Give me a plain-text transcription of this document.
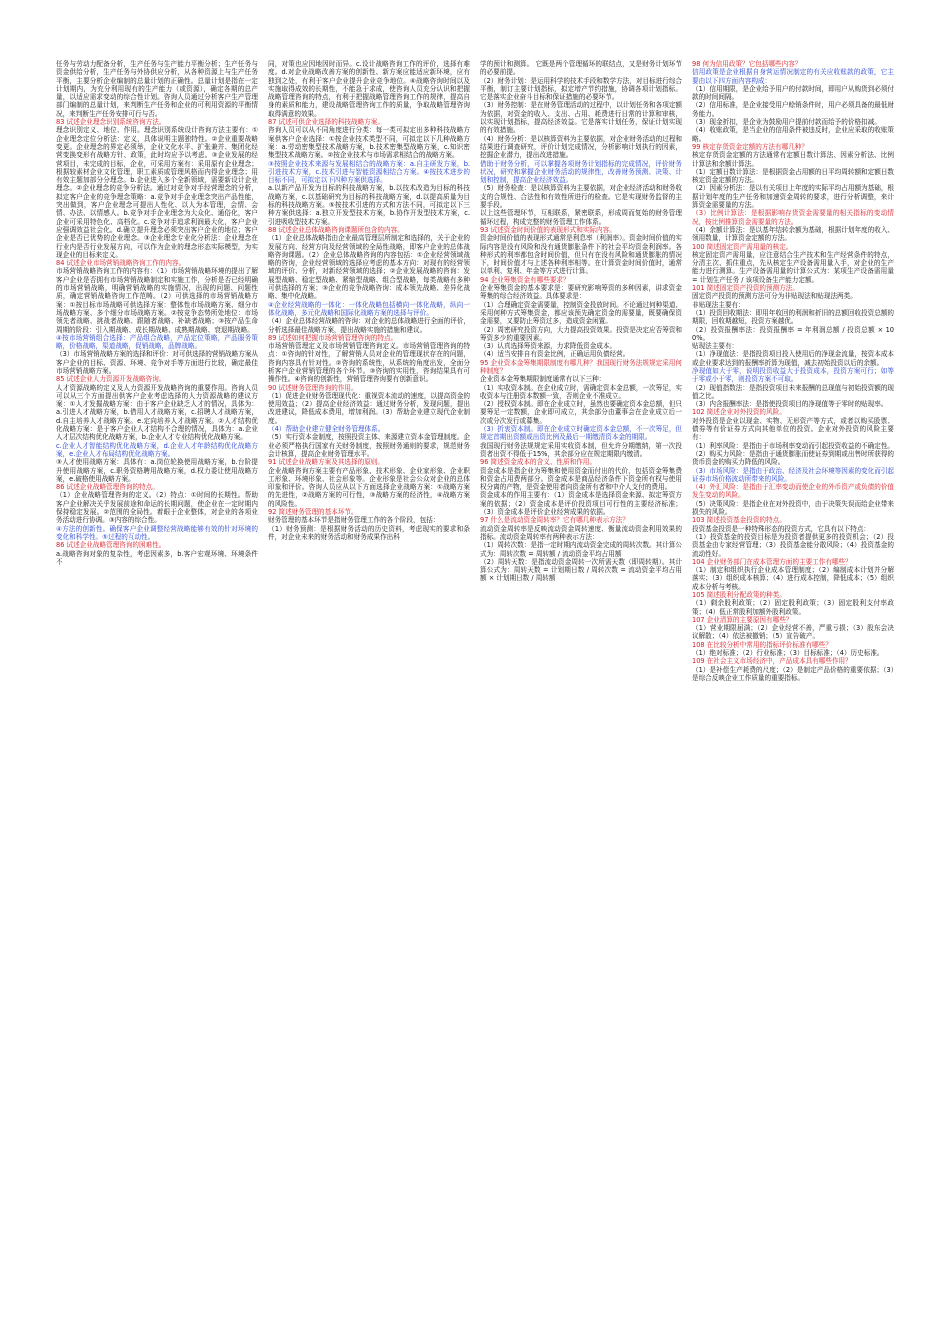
任务与劳动力配备分析，生产任务与生产能力平衡分析；生产任务与资金供给分析，生产任务与外协供应分析，从各种资源上与生产任务平衡，主要分析企业编制的总量计划的正确性。总量计划是指在一定计划期内，为充分利用现有的生产能力（或资源），确定各期的总产量，以适应需求变动的综合性计划。咨询人员通过分析客户生产管理部门编制的总量计划，来判断生产任务和企业的可利用资源的平衡情况，来判断生产任务安排可行与否。

83 试述企业理念识别系统咨询方法。

理念识别定义、地位、作用。理念识别系统设计咨询方法主要有：①企业理念定位分析法：定义，具体说明主题独特性。②企业重要战略变更。企业理念的界定必须举，企业文化水平、扩张兼并、集团化经营变换变形有战略方针、政策，此时均应予以考虑。③企业发展的经营项目，未完成的目标，企业，可采用方案有：采用原有企业理念；根据较素材企业文化管理，职工素质或管理风格而内得企业理念；用有效主题加部分分理念。b.企业进入多个全新领域，需要新设计企业理念。②企业理念的竞争分析法。通过对竞争对手经营理念的分析，拟定客户企业的竞争理念策略：a.竞争对手企业理念突出产品性能，突出做到，客户企业理念可提出人性化、以人为本管理，会情、会情、办法、以情感人。b.竞争对手企业理念为大众化、通俗化，客户企业可采用特色化、高档化。c.竞争对手追求利润最大化，客户企业应强调效益社会化。d.确立提升理念必须突出客户企业的地位；客户企业是否已优势的企业理念。③企业理念专业化分析法：企业理念在行业内是否行业发展方向，可以作为企业的理念形态实际模型，为实现企业的目标来定义。

84 试述企业市场营销战略咨询工作的内容。

市场营销战略咨询工作的内容有：（1）市场营销战略环境的提出了解客户企业是否拥有市场营销战略制定和实施工作，分析是否已经明确的市场营销战略，明确营销战略的实施情况，出现的问题、问题性质，确定营销战略咨询工作范畴。（2）可供选择的市场营销战略方案：①按目标市场战略可供选择方案：整体性市场战略方案、细分市场战略方案、多个细分市场战略方案。②按竞争态势所处地位：市场领先者战略、挑战者战略、跟随者战略、补缺者战略；③按产品生命周期的阶段：引入期战略、成长期战略、成熟期战略、衰退期战略。

④按市场营销组合选择：产品组合战略，产品定位策略，产品服务策略，价格战略，渠道战略，促销战略，品牌战略。

（3）市场营销战略方案的选择和评价：对可供选择的营销战略方案从客户企业的目标、资源、环境、竞争对手等方面进行比较，确定最佳市场营销战略方案。

85 试述企业人力资源开发战略咨询。

人才资源战略的定义及人力资源开发战略咨询的重要作用。咨询人员可以从三个方面提出供客户企业考虑选择的人力资源战略的建议方案：①人才发掘战略方案：由于客户企业缺乏人才的情况，具体为：a.引进人才战略方案，b.借用人才战略方案，c.招聘人才战略方案，d.自主培养人才战略方案。e.定向培养人才战略方案。②人才结构优化战略方案：是于客户企业人才结构不合理的情况，具体为：a.企业人才层次结构优化战略方案，b.企业人才专业结构优化战略方案。

c.企业人才智能结构优化战略方案，d.企业人才年龄结构优化战略方案，e.企业人才布局结构优化战略方案。

③人才使用战略方案：具体有：a.岗位轮换使用战略方案，b.台阶提升使用战略方案，c.职务资格聘用战略方案，d.权力委让使用战略方案，e.破格使用战略方案。

86 试述企业战略管理咨询的特点。

（1）企业战略管理咨询的定义。（2）特点：①时间的长期性。帮助客户企业解决关乎发展前途和命运的长期问题，使企业在一定时期内保持稳定发展。②范围的全局性。着眼于企业整体，对企业的各项业务活动进行协调。③内容的综合性。

④方法的创新性。确保客户企业调整经营战略能够有效的针对环境的变化和科学性。⑤过程的互动性。

86 试述企业战略管理咨询的困难性。

a.战略咨询对象的复杂性，考虑因素多，b.客户宏观环境、环境条件不

同，对策也应因地因时而异。c.设计战略咨询工作的评价，选择有难度。d.对企业战略改善方案的创新性、新方案应能适应新环境，应有独到之处，有利于客户企业提升企业竞争地位。⑥战略咨询时间以及实施取得成效的长期性，不能急于求成，使咨询人员充分认识和把握战略管理咨询的特点，有利于把握战略管理咨询工作的规律，提高自身的素质和能力，建设战略管理咨询工作的质量，争取战略管理咨询取得满意的效果。

87 试述可供企业选择的科技战略方案。

咨询人员可以从不同角度进行分类：每一类可拟定出多种科技战略方案供客户企业选择：①按企业技术类型不同，可拟定以下几种战略方案：a.劳动密集型技术战略方案，b.技术密集型战略方案，c.知识密集型技术战略方案。②按企业技术与市场需求相结合的战略方案。

③按照企业技术来源与发展相结合的战略方案：a.自主研发方案，b.引进技术方案，c.技术引进与智能资源相结合方案。④按技术进步的目标不同，可拟定以下四种方案供选择。

a.以新产品开发为目标的科技战略方案，b.以技术改造为目标的科技战略方案，c.以基础研究为目标的科技战略方案，d.以提高质量为目标的科技战略方案。⑤按技术引进的方式和方法不同，可拟定以下三种方案供选择：a.独立开发型技术方案，b.协作开发型技术方案，c.引进吸收型技术方案。

88 试述企业总体战略咨询课题所包含的内容。

（1）企业总体战略指由企业最高管理层所制定和选择的，关于企业的发展方向、经营方向及经营领域的全局性战略，即客户企业的总体战略咨询课题。（2）企业总体战略咨询的内容包括：①企业经营领域战略的咨询，企业经营领域的选择应考虑的基本方向：对现有的经营领域的评价、分析，对新经营领域的选择；②企业发展战略的咨询：发展型战略、稳定型战略、紧缩型战略、组合型战略，每类战略有多种可供选择的方案；③企业的竞争战略咨询：成本领先战略、差异化战略、集中化战略。

④企业经营战略的一体化：一体化战略包括横向一体化战略，纵向一体化战略，多元化战略和国际化战略方案的选择与评价。

（4）企业总体经营战略的咨询：对企业的总体战略进行全面的评价，分析选择最佳战略方案，提出战略实施的措施和建议。

89 试述如何把握市场营销管理咨询的特点。

市场营销管理定义及市场营销管理咨询定义。市场营销管理咨询的特点：①咨询的针对性，了解营销人员对企业的管理现状存在的问题，咨询内容具有针对性。②咨询的系统性，从系统的角度出发，全面分析客户企业营销管理的各个环节。③咨询的实用性，咨询结果具有可操作性。④咨询的创新性，营销管理咨询要有创新意识。

90 试述财务管理咨询的作用。

（1）促进企业财务管理现代化：重视资本流动的速度，以提高资金的使用效益；（2）提高企业经济效益：通过财务分析，发现问题，提出改进建议，降低成本费用，增加利润。（3）帮助企业建立现代企业制度。

（4）帮助企业建立健全财务管理体系。

（5）实行资本金制度，按照投资主体、来源建立资本金管理制度。企业必须严格执行国家有关财务制度，按照财务通则的要求，规范财务会计核算，提高企业财务管理水平。

91 试述企业战略方案及其选择的原则。

企业战略咨询方案主要有产品形象、技术形象、企业家形象、企业职工形象、环境形象、社会形象等。企业形象是社会公众对企业的总体印象和评价。咨询人员应从以下方面选择企业战略方案：①战略方案的先进性，②战略方案的可行性，③战略方案的经济性，④战略方案的风险性。

92 简述财务管理的基本环节。

财务管理的基本环节是指财务管理工作的各个阶段，包括：

（1）财务预测：是根据财务活动的历史资料，考虑现实的要求和条件，对企业未来的财务活动和财务成果作出科

学的预计和测算。 它既是两个管理循环的联结点，又是财务计划环节的必要前提。

（2）财务计划：是运用科学的技术手段和数学方法，对目标进行综合平衡，制订主要计划指标，拟定增产节约措施，协调各项计划指标。它是落实企业奋斗目标和保证措施的必要环节。

（3）财务控制：是在财务管理活动的过程中，以计划任务和各项定额为依据，对资金的收入、支出、占用、耗费进行日常的计算和审核，以实现计划指标，提高经济效益。它是落实计划任务，保证计划实现的有效措施。

（4）财务分析：是以核算资料为主要依据，对企业财务活动的过程和结果进行调查研究，评价计划完成情况，分析影响计划执行的因素，挖掘企业潜力，提出改进措施。

借助于财务分析，可以掌握各项财务计划指标的完成情况，评价财务状况，研究和掌握企业财务活动的规律性，改善财务预测、决策、计划和控制，提高企业经济效益。

（5）财务检查：是以核算资料为主要依据，对企业经济活动和财务收支的合规性、合法性和有效性所进行的检查。它是实现财务监督的主要手段。

以上这些管理环节，互相联系，紧密联系，形成周而复始的财务管理循环过程，构成完整的财务管理工作体系。

93 试述资金时间价值的表现形式和实际内容。

资金时间价值的表现形式通常是利息率（利润率）。资金时间价值的实际内容是没有风险和没有通货膨胀条件下的社会平均资金利润率。各种形式的利率都包含时间价值，但只有在没有风险和通货膨胀的情况下，时间价值才与上述各种利率相等。在计算资金时间价值时，通常以单利、复利、年金等方式进行计算。

94 企业筹集资金有哪些要求？

企业筹集资金的基本要求是：要研究影响筹资的多种因素，讲求资金筹集的综合经济效益。具体要求是：

（1）合理确定资金需要量，控制资金投放时间。不论通过何种渠道、采用何种方式筹集资金，都应该预先确定资金的需要量，既要确保资金需要，又要防止筹资过多，造成资金闲置。

（2）周密研究投资方向，大力提高投资效果。投资是决定应否筹资和筹资多少的重要因素。

（3）认真选择筹资来源，力求降低资金成本。

（4）适当安排自有资金比例，正确运用负债经营。

95 企业资本金筹集期限制度有哪几种？我国现行财务法规规定采用何种制度？

企业资本金筹集期限制度通常有以下三种：

（1）实收资本制。在企业成立时，需确定资本金总额，一次筹足，实收资本与注册资本数额一致，否则企业不准成立。

（2）授权资本制。即在企业成立时，虽然也要确定资本金总额，但只要筹足一定数额，企业即可成立，其余部分由董事会在企业成立后一次或分次发行或募集。

（3）折衷资本制。即在企业成立时确定资本金总额，不一次筹足，但规定首期出资额或出资比例及最后一期缴清资本金的期限。

我国现行财务法规规定采用实收资本制，但允许分期缴纳，第一次投资者出资不得低于15%，其余部分应在规定期限内缴清。

96 简述资金成本的含义、性质和作用。

资金成本是指企业为筹集和使用资金而付出的代价，包括资金筹集费和资金占用费两部分。资金成本是商品经济条件下资金所有权与使用权分离的产物，是资金使用者向资金所有者和中介人支付的费用。

资金成本的作用主要有：（1）资金成本是选择资金来源、拟定筹资方案的依据；（2）资金成本是评价投资项目可行性的主要经济标准；（3）资金成本是评价企业经营成果的依据。

97 什么是流动资金周转率？它有哪几种表示方法？

流动资金周转率是反映流动资金周转速度、衡量流动资金利用效果的指标。流动资金周转率有两种表示方法：

（1）周转次数：是指一定时期内流动资金完成的周转次数。其计算公式为：周转次数 = 周转额 / 流动资金平均占用额

（2）周转天数：是指流动资金周转一次所需天数（即周转期）。其计算公式为：周转天数 = 计划期日数 / 周转次数 = 流动资金平均占用额 × 计划期日数 / 周转额

98 何为信用政策？它包括哪些内容？

信用政策是企业根据自身营运情况制定的有关应收账款的政策，它主要由以下四方面内容构成：

（1）信用期限，是企业给予用户的付款时间，即用户从购货到必须付款的时间间隔。

（2）信用标准，是企业接受用户赊销条件时，用户必须具备的最低财务能力。

（3）现金折扣，是企业为鼓励用户提前付款而给予的价格扣减。

（4）收账政策，是当企业的信用条件被违反时，企业应采取的收账策略。

99 核定存货资金定额的方法有哪几种？

核定存货资金定额的方法通常有定额日数计算法、因素分析法、比例计算法和余额计算法。

（1）定额日数计算法：是根据资金占用额的日平均周转额和定额日数核定资金定额的方法。

（2）因素分析法：是以有关项目上年度的实际平均占用额为基础，根据计划年度的生产任务和加速资金周转的要求，进行分析调整，来计算资金需要量的方法。

（3）比例计算法：是根据影响存货资金需要量的相关指标的变动情况，按比例推算资金需要量的方法。

（4）余额计算法：是以基年结转余额为基础，根据计划年度的收入、领用数量，计算资金定额的方法。

100 简述固定资产需用量的核定。

核定固定资产需用量，应注意结合生产技术和生产经营条件的特点，分清主次、抓住重点，先从核定生产设备需用量入手，对企业的生产能力进行测算。生产设备需用量的计算公式为：某项生产设备需用量 = 计划生产任务 / 该项设备生产能力定额。

101 简述固定资产投资的预测方法。

固定资产投资的预测方法可分为非贴现法和贴现法两类。

非贴现法主要有：

（1）投资回收期法：即用年收回的利润和折旧的总额回收投资总额的期限，回收期越短，投资方案越优。

（2）投资报酬率法：投资报酬率 = 年利润总额 / 投资总额 × 100%。

贴现法主要有：

（1）净现值法：是指投资项目投入使用后的净现金流量，按资本成本或企业要求达到的报酬率折算为现值，减去初始投资以后的余额。

净现值如大于零，说明投资收益大于投资成本，投资方案可行；如等于零或小于零，则投资方案不可取。

（2）现值指数法：是指投资项目未来报酬的总现值与初始投资额的现值之比。

（3）内含报酬率法：是指使投资项目的净现值等于零时的贴现率。

102 简述企业对外投资的风险。

对外投资是企业以现金、实物、无形资产等方式，或者以购买股票、债券等有价证券方式向其他单位的投资。企业对外投资的风险主要有：

（1）利率风险：是指由于市场利率变动而引起投资收益的不确定性。

（2）购买力风险：是指由于通货膨胀而使证券到期或出售时所获得的货币资金的购买力降低的风险。

（3）市场风险：是指由于政治、经济及社会环境等因素的变化而引起证券市场价格波动所带来的风险。

（4）外汇风险：是指由于汇率变动而使企业的外币资产或负债的价值发生变动的风险。

（5）决策风险：是指企业在对外投资中，由于决策失误而给企业带来损失的风险。

103 简述投资基金投资的特点。

投资基金投资是一种特殊形态的投资方式，它具有以下特点：

（1）投资基金的投资目标是为投资者提供更多的投资机会；（2）投资基金由专家经营管理；（3）投资基金能分散风险；（4）投资基金的流动性好。

104 企业财务部门在成本管理方面的主要工作有哪些？

（1）制定和组织执行企业成本管理制度；（2）编制成本计划并分解落实；（3）组织成本核算；（4）进行成本控制，降低成本；（5）组织成本分析与考核。

105 简述股利分配政策的种类。

（1）剩余股利政策；（2）固定股利政策；（3）固定股利支付率政策；（4）低正常股利加额外股利政策。

107 企业清算的主要原因有哪些？

（1）营业期限届满；（2）企业经营不善，严重亏损；（3）股东会决议解散；（4）依法被撤销；（5）宣告破产。

108 在比较分析中常用的指标评价标准有哪些？

（1）绝对标准；（2）行业标准；（3）目标标准；（4）历史标准。

109 在社会主义市场经济中，产品成本具有哪些作用？

（1）是补偿生产耗费的尺度；（2）是制定产品价格的重要依据；（3）是综合反映企业工作质量的重要指标。
